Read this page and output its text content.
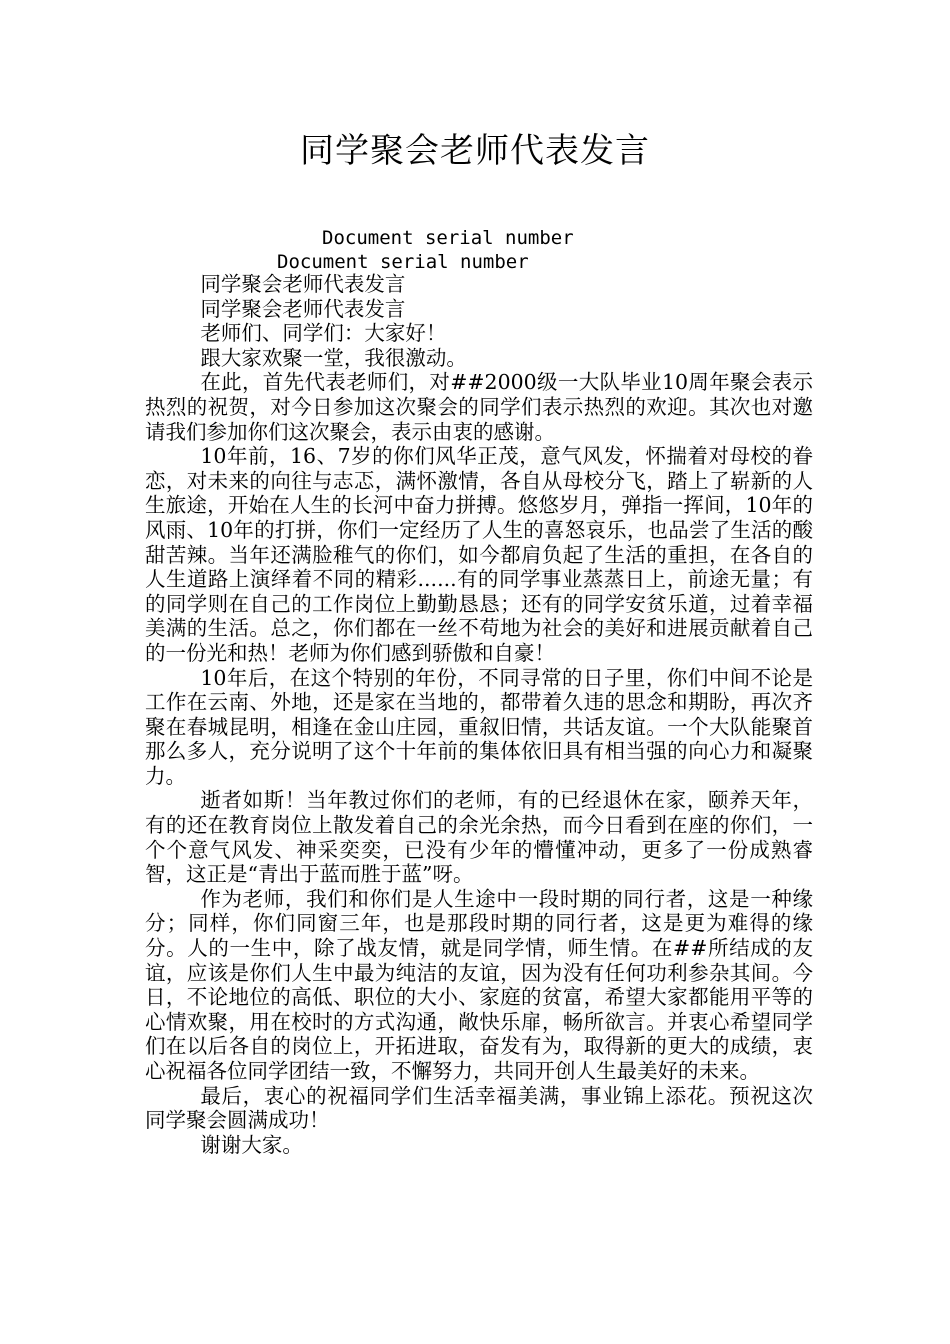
同学聚会老师代表发言
Document serial number
Document serial number

同学聚会老师代表发言

同学聚会老师代表发言

老师们、同学们：大家好！

跟大家欢聚一堂，我很激动。

在此，首先代表老师们，对##2000级一大队毕业10周年聚会表示热烈的祝贺，对今日参加这次聚会的同学们表示热烈的欢迎。其次也对邀请我们参加你们这次聚会，表示由衷的感谢。

10年前，16、7岁的你们风华正茂，意气风发，怀揣着对母校的眷恋，对未来的向往与志忑，满怀激情，各自从母校分飞，踏上了崭新的人生旅途，开始在人生的长河中奋力拼搏。悠悠岁月，弹指一挥间，10年的风雨、10年的打拼，你们一定经历了人生的喜怒哀乐，也品尝了生活的酸甜苦辣。当年还满脸稚气的你们，如今都肩负起了生活的重担，在各自的人生道路上演绎着不同的精彩......有的同学事业蒸蒸日上，前途无量；有的同学则在自己的工作岗位上勤勤恳恳；还有的同学安贫乐道，过着幸福美满的生活。总之，你们都在一丝不苟地为社会的美好和进展贡献着自己的一份光和热！老师为你们感到骄傲和自豪！

10年后，在这个特别的年份，不同寻常的日子里，你们中间不论是工作在云南、外地，还是家在当地的，都带着久违的思念和期盼，再次齐聚在春城昆明，相逢在金山庄园，重叙旧情，共话友谊。一个大队能聚首那么多人，充分说明了这个十年前的集体依旧具有相当强的向心力和凝聚力。

逝者如斯！当年教过你们的老师，有的已经退休在家，颐养天年，有的还在教育岗位上散发着自己的余光余热，而今日看到在座的你们，一个个意气风发、神采奕奕，已没有少年的懵懂冲动，更多了一份成熟睿智，这正是“青出于蓝而胜于蓝”呀。

作为老师，我们和你们是人生途中一段时期的同行者，这是一种缘分；同样，你们同窗三年，也是那段时期的同行者，这是更为难得的缘分。人的一生中，除了战友情，就是同学情，师生情。在##所结成的友谊，应该是你们人生中最为纯洁的友谊，因为没有任何功利参杂其间。今日，不论地位的高低、职位的大小、家庭的贫富，希望大家都能用平等的心情欢聚，用在校时的方式沟通，敞快乐扉，畅所欲言。并衷心希望同学们在以后各自的岗位上，开拓进取，奋发有为，取得新的更大的成绩，衷心祝福各位同学团结一致，不懈努力，共同开创人生最美好的未来。

最后，衷心的祝福同学们生活幸福美满，事业锦上添花。预祝这次同学聚会圆满成功！

谢谢大家。
